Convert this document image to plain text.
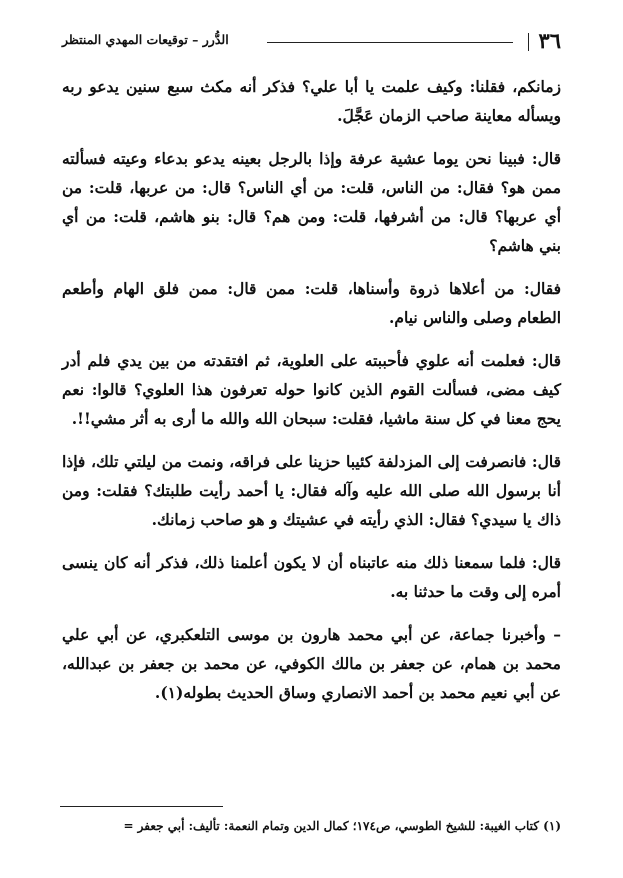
٣٦
الدُّرر – توقيعات المهدي المنتظر

زمانكم، فقلنا: وكيف علمت يا أبا علي؟ فذكر أنه مكث سبع سنين يدعو ربه ويسأله معاينة صاحب الزمان عَجَّلَ.

قال: فبينا نحن يوما عشية عرفة وإذا بالرجل بعينه يدعو بدعاء وعيته فسألته ممن هو؟ فقال: من الناس، قلت: من أي الناس؟ قال: من عربها، قلت: من أي عربها؟ قال: من أشرفها، قلت: ومن هم؟ قال: بنو هاشم، قلت: من أي بني هاشم؟

فقال: من أعلاها ذروة وأسناها، قلت: ممن قال: ممن فلق الهام وأطعم الطعام وصلى والناس نيام.

قال: فعلمت أنه علوي فأحببته على العلوية، ثم افتقدته من بين يدي فلم أدر كيف مضى، فسألت القوم الذين كانوا حوله تعرفون هذا العلوي؟ قالوا: نعم يحج معنا في كل سنة ماشيا، فقلت: سبحان الله والله ما أرى به أثر مشي!!.

قال: فانصرفت إلى المزدلفة كئيبا حزينا على فراقه، ونمت من ليلتي تلك، فإذا أنا برسول الله صلى الله عليه وآله فقال: يا أحمد رأيت طلبتك؟ فقلت: ومن ذاك يا سيدي؟ فقال: الذي رأيته في عشيتك و هو صاحب زمانك.

قال: فلما سمعنا ذلك منه عاتبناه أن لا يكون أعلمنا ذلك، فذكر أنه كان ينسى أمره إلى وقت ما حدثنا به.

– وأخبرنا جماعة، عن أبي محمد هارون بن موسى التلعكبري، عن أبي علي محمد بن همام، عن جعفر بن مالك الكوفي، عن محمد بن جعفر بن عبدالله، عن أبي نعيم محمد بن أحمد الانصاري وساق الحديث بطوله(١).

(١) كتاب الغيبة: للشيخ الطوسي، ص١٧٤؛ كمال الدين وتمام النعمة: تأليف: أبي جعفر =
